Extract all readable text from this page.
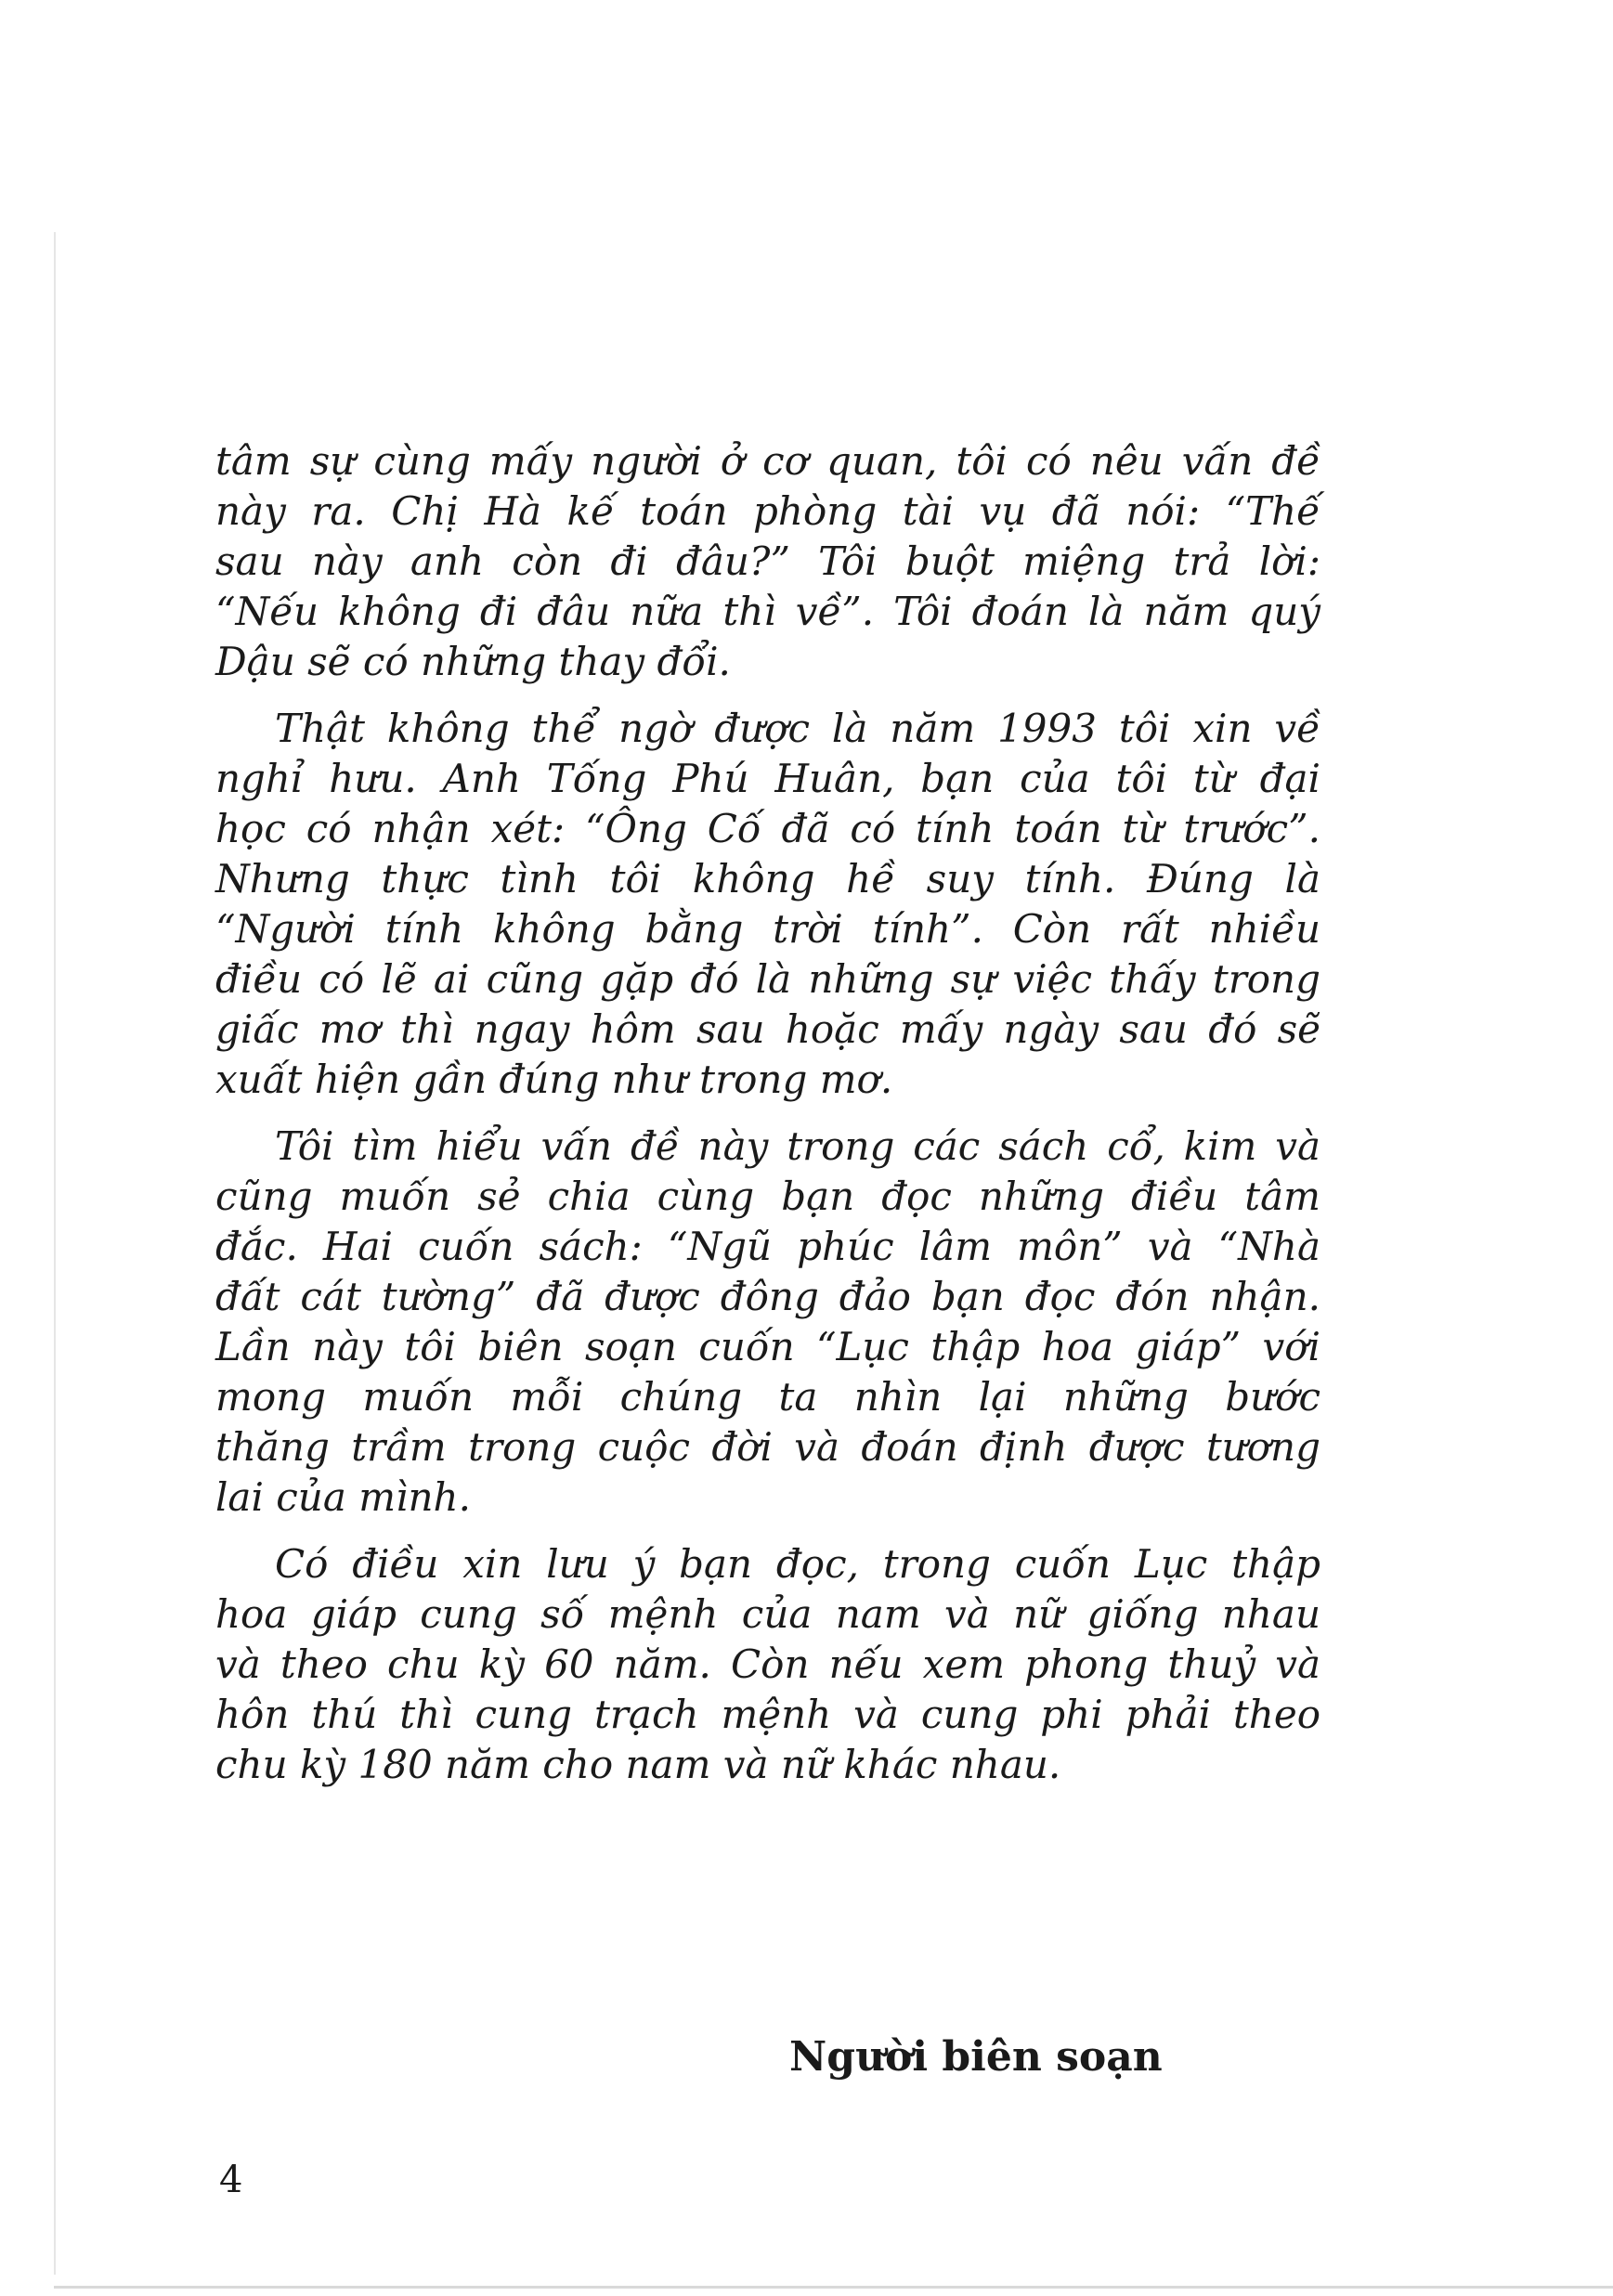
tâm sự cùng mấy người ở cơ quan, tôi có nêu vấn đề
này ra. Chị Hà kế toán phòng tài vụ đã nói: “Thế
sau này anh còn đi đâu?” Tôi buột miệng trả lời:
“Nếu không đi đâu nữa thì về”. Tôi đoán là năm quý
Dậu sẽ có những thay đổi.

Thật không thể ngờ được là năm 1993 tôi xin về
nghỉ hưu. Anh Tống Phú Huân, bạn của tôi từ đại
học có nhận xét: “Ông Cố đã có tính toán từ trước”.
Nhưng thực tình tôi không hề suy tính. Đúng là
“Người tính không bằng trời tính”. Còn rất nhiều
điều có lẽ ai cũng gặp đó là những sự việc thấy trong
giấc mơ thì ngay hôm sau hoặc mấy ngày sau đó sẽ
xuất hiện gần đúng như trong mơ.

Tôi tìm hiểu vấn đề này trong các sách cổ, kim và
cũng muốn sẻ chia cùng bạn đọc những điều tâm
đắc. Hai cuốn sách: “Ngũ phúc lâm môn” và “Nhà
đất cát tường” đã được đông đảo bạn đọc đón nhận.
Lần này tôi biên soạn cuốn “Lục thập hoa giáp” với
mong muốn mỗi chúng ta nhìn lại những bước
thăng trầm trong cuộc đời và đoán định được tương
lai của mình.

Có điều xin lưu ý bạn đọc, trong cuốn Lục thập
hoa giáp cung số mệnh của nam và nữ giống nhau
và theo chu kỳ 60 năm. Còn nếu xem phong thuỷ và
hôn thú thì cung trạch mệnh và cung phi phải theo
chu kỳ 180 năm cho nam và nữ khác nhau.

Người biên soạn
4
